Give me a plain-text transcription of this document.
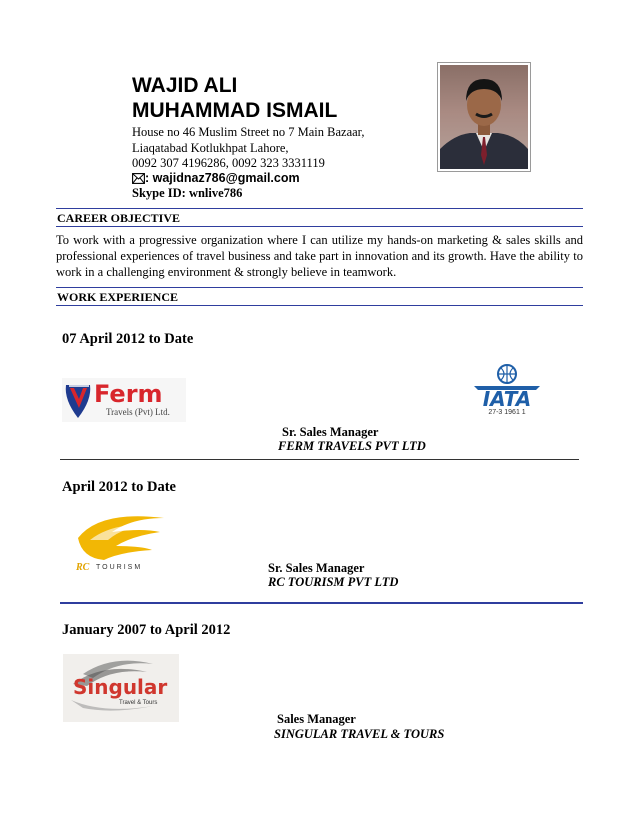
WAJID ALI
MUHAMMAD ISMAIL
House no 46 Muslim Street no 7 Main Bazaar,
Liaqatabad Kotlukhpat Lahore,
0092 307 4196286, 0092 323 3331119
: wajidnaz786@gmail.com
Skype ID: wnlive786
CAREER OBJECTIVE
To work with a progressive organization where I can utilize my hands-on marketing & sales skills and professional experiences of travel business and take part in innovation and its growth. Have the ability to work in a challenging environment & strongly believe in teamwork.
WORK EXPERIENCE
07 April 2012 to Date
Ferm
Travels (Pvt) Ltd.
IATA
27-3 1961 1
Sr. Sales Manager
FERM TRAVELS PVT LTD
April 2012 to Date
RC TOURISM	Sr. Sales Manager
RC TOURISM PVT LTD
January 2007 to April 2012
Singular
Travel & Tours
Sales Manager
SINGULAR TRAVEL & TOURS
